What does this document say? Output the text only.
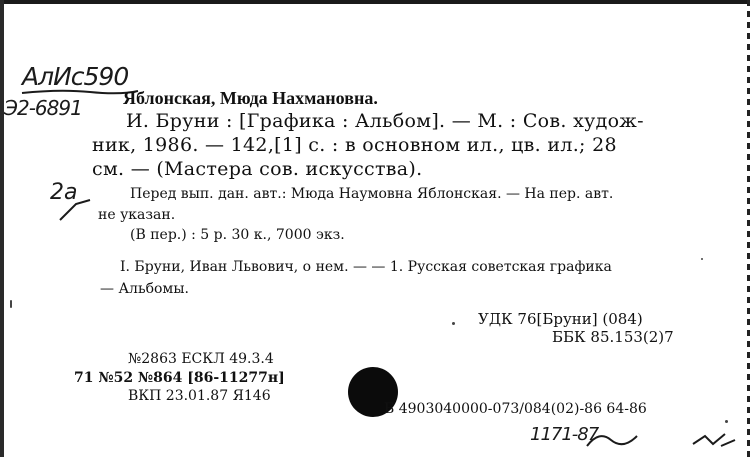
АлИс590
Э2-6891 Яблонская, Мюда Нахмановна.
И. Бруни : [Графика : Альбом]. — М. : Сов. худож-
ник, 1986. — 142,[1] с. : в основном ил., цв. ил.; 28
см. — (Мастера сов. искусства).
2a	Перед вып. дан. авт.: Мюда Наумовна Яблонская. — На пер. авт.
не указан.
(В пер.) : 5 р. 30 к., 7000 экз.
I. Бруни, Иван Львович, о нем. — — 1. Русская советская графика
— Альбомы.
УДК 76[Бруни] (084)
ББК 85.153(2)7
№2863 ЕСКЛ 49.3.4
71 №52 №864 [86-11277н]
ВКП 23.01.87 Я146
Б 4903040000-073/084(02)-86 64-86
1171-87
